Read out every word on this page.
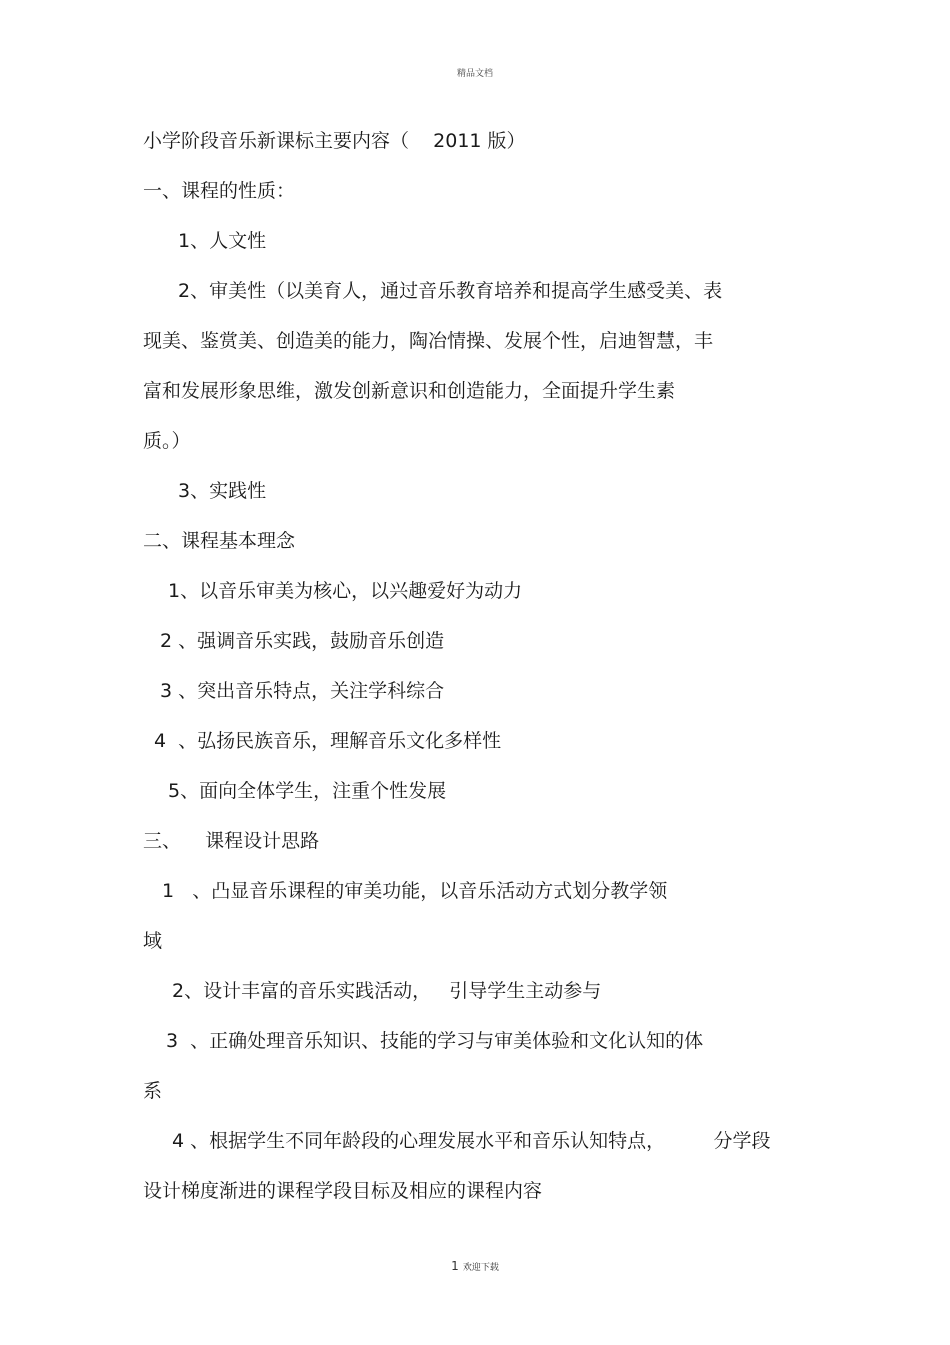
精品文档
小学阶段音乐新课标主要内容（    2011 版）
一、课程的性质：
1、人文性
2、审美性（以美育人，通过音乐教育培养和提高学生感受美、表
现美、鉴赏美、创造美的能力，陶冶情操、发展个性，启迪智慧，丰
富和发展形象思维，激发创新意识和创造能力，全面提升学生素
质。）
3、实践性
二、课程基本理念
1、以音乐审美为核心，以兴趣爱好为动力
2 、强调音乐实践，鼓励音乐创造
3 、突出音乐特点，关注学科综合
4  、弘扬民族音乐，理解音乐文化多样性
5、面向全体学生，注重个性发展
三、    课程设计思路
1   、凸显音乐课程的审美功能，以音乐活动方式划分教学领
域
2、设计丰富的音乐实践活动，   引导学生主动参与
3  、正确处理音乐知识、技能的学习与审美体验和文化认知的体
系
4 、根据学生不同年龄段的心理发展水平和音乐认知特点，        分学段
设计梯度渐进的课程学段目标及相应的课程内容
1 欢迎下载
